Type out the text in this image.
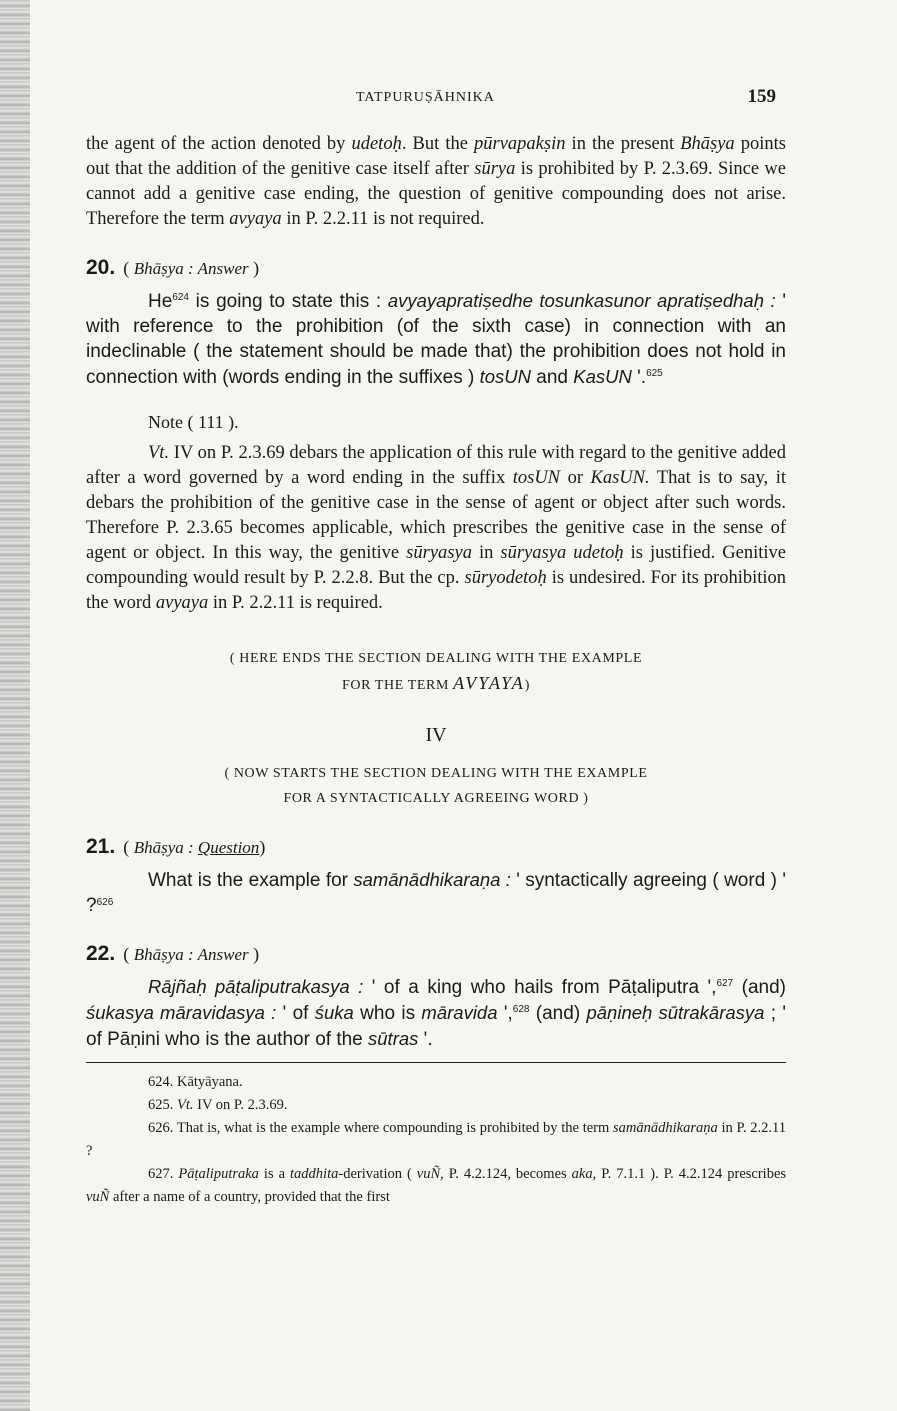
TATPURUṢĀHNIKA	159

the agent of the action denoted by udetoḥ. But the pūrvapakṣin in the present Bhāṣya points out that the addition of the genitive case itself after sūrya is prohibited by P. 2.3.69. Since we cannot add a genitive case ending, the question of genitive compounding does not arise. Therefore the term avyaya in P. 2.2.11 is not required.

20. ( Bhāṣya : Answer )

He$^{624}$ is going to state this : avyayapratiṣedhe tosunkasunor apratiṣedhaḥ : ' with reference to the prohibition (of the sixth case) in connection with an indeclinable ( the statement should be made that) the prohibition does not hold in connection with (words ending in the suffixes ) tosUN and KasUN '.$^{625}$

Note ( 111 ).

Vt. IV on P. 2.3.69 debars the application of this rule with regard to the genitive added after a word governed by a word ending in the suffix tosUN or KasUN. That is to say, it debars the prohibition of the genitive case in the sense of agent or object after such words. Therefore P. 2.3.65 becomes applicable, which prescribes the genitive case in the sense of agent or object. In this way, the genitive sūryasya in sūryasya udetoḥ is justified. Genitive compounding would result by P. 2.2.8. But the cp. sūryodetoḥ is undesired. For its prohibition the word avyaya in P. 2.2.11 is required.

( HERE ENDS THE SECTION DEALING WITH THE EXAMPLE
FOR THE TERM AVYAYA)
IV
( NOW STARTS THE SECTION DEALING WITH THE EXAMPLE
FOR A SYNTACTICALLY AGREEING WORD )

21. ( Bhāṣya : Question)

What is the example for samānādhikaraṇa : ' syntactically agreeing ( word ) ' ?$^{626}$

22. ( Bhāṣya : Answer )

Rājñaḥ pāṭaliputrakasya : ' of a king who hails from Pāṭaliputra ',$^{627}$ (and) śukasya māravidasya : ' of śuka who is māravida ',$^{628}$ (and) pāṇineḥ sūtrakārasya ; ' of Pāṇini who is the author of the sūtras '.

624. Kātyāyana.

625. Vt. IV on P. 2.3.69.

626. That is, what is the example where compounding is prohibited by the term samānādhikaraṇa in P. 2.2.11 ?

627. Pāṭaliputraka is a taddhita-derivation ( vuÑ, P. 4.2.124, becomes aka, P. 7.1.1 ). P. 4.2.124 prescribes vuÑ after a name of a country, provided that the first
